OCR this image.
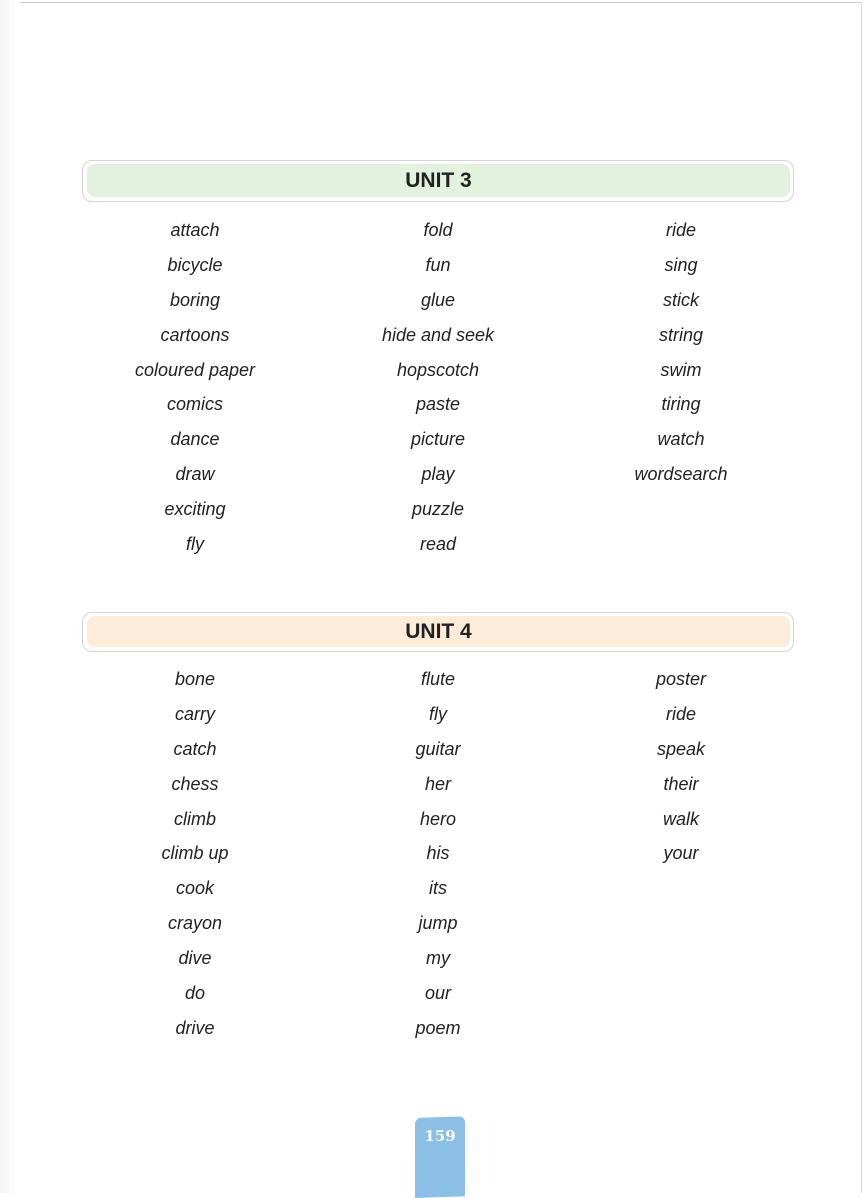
UNIT 3
attach
bicycle
boring
cartoons
coloured paper
comics
dance
draw
exciting
fly
fold
fun
glue
hide and seek
hopscotch
paste
picture
play
puzzle
read
ride
sing
stick
string
swim
tiring
watch
wordsearch
UNIT 4
bone
carry
catch
chess
climb
climb up
cook
crayon
dive
do
drive
flute
fly
guitar
her
hero
his
its
jump
my
our
poem
poster
ride
speak
their
walk
your
159
